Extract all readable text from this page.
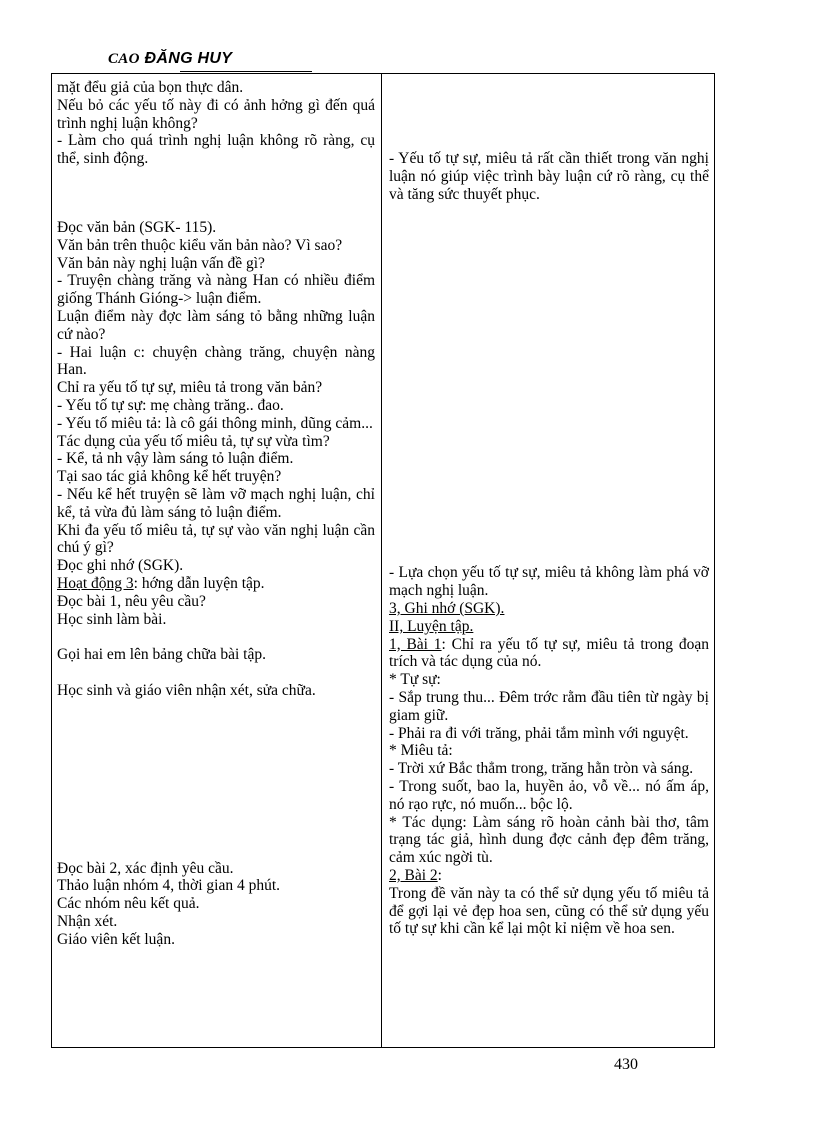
CAO ĐĂNG HUY

mặt đểu giả của bọn thực dân.

Nếu bỏ các yếu tố này đi có ảnh hởng gì đến quá trình nghị luận không?

- Làm cho quá trình nghị luận không rõ ràng, cụ thể, sinh động.

Đọc văn bản (SGK- 115).

Văn bản trên thuộc kiểu văn bản nào? Vì sao?

Văn bản này nghị luận vấn đề gì?

- Truyện chàng trăng và nàng Han có nhiều điểm giống Thánh Gióng-> luận điểm.

Luận điểm này đợc làm sáng tỏ bằng những luận cứ nào?

- Hai luận c: chuyện chàng trăng, chuyện nàng Han.

Chỉ ra yếu tố tự sự, miêu tả trong văn bản?

- Yếu tố tự sự: mẹ chàng trăng.. đao.

- Yếu tố miêu tả: là cô gái thông minh, dũng cảm...

Tác dụng của yếu tố miêu tả, tự sự vừa tìm?

- Kể, tả nh vậy làm sáng tỏ luận điểm.

Tại sao tác giả không kể hết truyện?

- Nếu kể hết truyện sẽ làm vỡ mạch nghị luận, chỉ kể, tả vừa đủ làm sáng tỏ luận điểm.

Khi đa yếu tố miêu tả, tự sự vào văn nghị luận cần chú ý gì?

Đọc ghi nhớ (SGK).

Hoạt động 3: hớng dẫn luyện tập.

Đọc bài 1, nêu yêu cầu?

Học sinh làm bài.

Gọi hai em lên bảng chữa bài tập.

Học sinh và giáo viên nhận xét, sửa chữa.

Đọc bài 2, xác định yêu cầu.

Thảo luận nhóm 4, thời gian 4 phút.

Các nhóm nêu kết quả.

Nhận xét.

Giáo viên kết luận.

- Yếu tố tự sự, miêu tả rất cần thiết trong văn nghị luận nó giúp việc trình bày luận cứ rõ ràng, cụ thể và tăng sức thuyết phục.

- Lựa chọn yếu tố tự sự, miêu tả không làm phá vỡ mạch nghị luận.

3, Ghi nhớ (SGK).

II, Luyện tập.

1, Bài 1: Chỉ ra yếu tố tự sự, miêu tả trong đoạn trích và tác dụng của nó.

* Tự sự:

- Sắp trung thu... Đêm trớc rằm đầu tiên từ ngày bị giam giữ.

- Phải ra đi với trăng, phải tắm mình với nguyệt.

* Miêu tả:

- Trời xứ Bắc thẳm trong, trăng hằn tròn và sáng.

- Trong suốt, bao la, huyền ảo, vỗ về... nó ấm áp, nó rạo rực, nó muốn... bộc lộ.

* Tác dụng: Làm sáng rõ hoàn cảnh bài thơ, tâm trạng tác giả, hình dung đợc cảnh đẹp đêm trăng, cảm xúc ngời tù.

2, Bài 2:

Trong đề văn này ta có thể sử dụng yếu tố miêu tả để gợi lại vẻ đẹp hoa sen, cũng có thể sử dụng yếu tố tự sự khi cần kể lại một kỉ niệm về hoa sen.

430
